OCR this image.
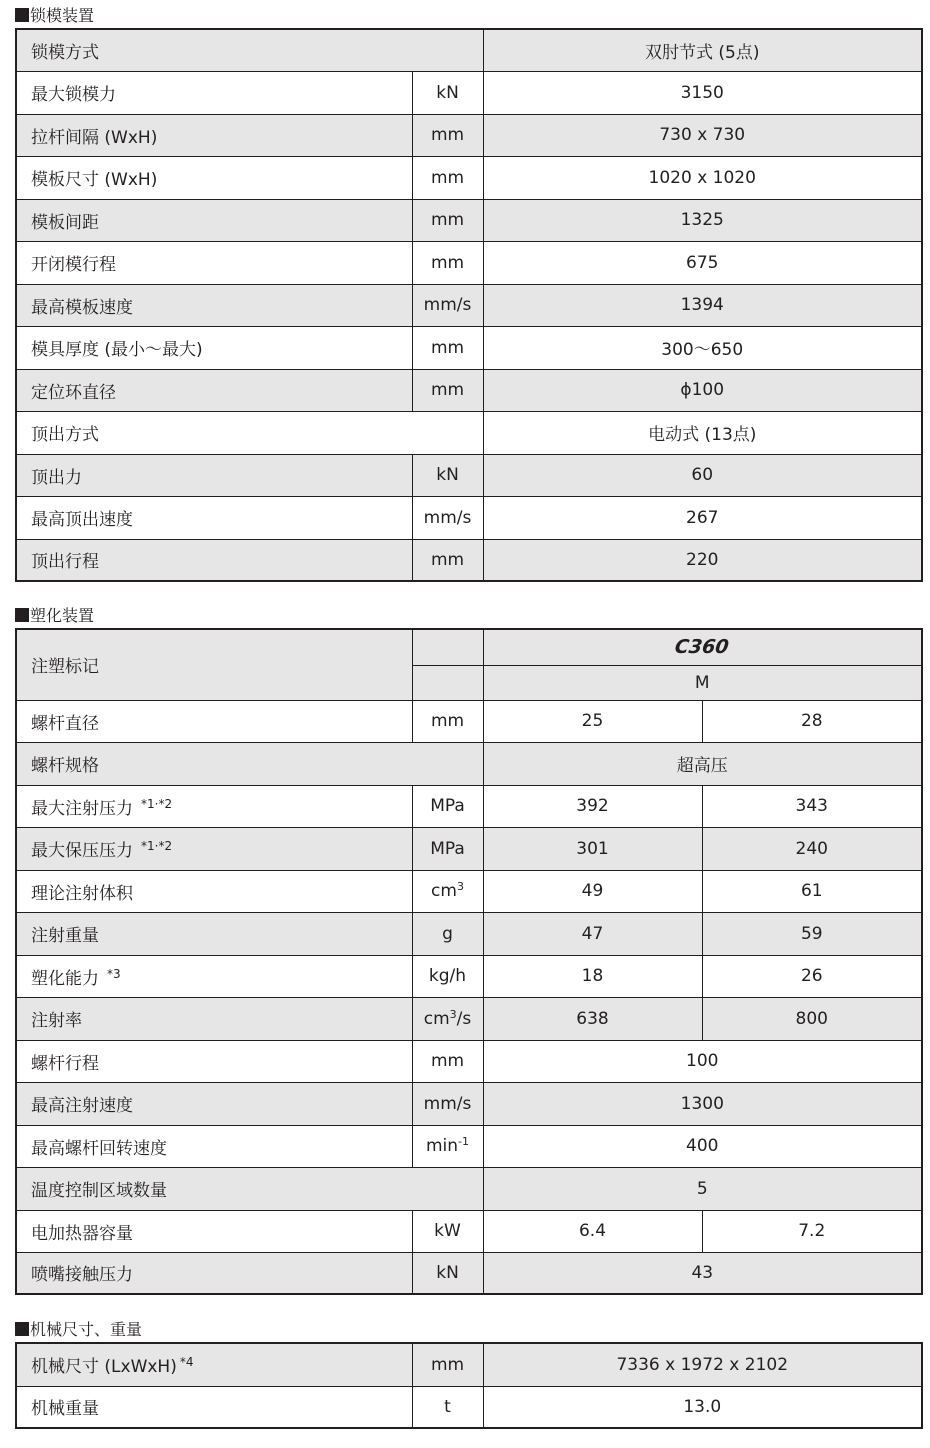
锁模装置
锁模方式		双肘节式 (5点)
最大锁模力	kN	3150
拉杆间隔 (WxH)	mm	730 x 730
模板尺寸 (WxH)	mm	1020 x 1020
模板间距	mm	1325
开闭模行程	mm	675
最高模板速度	mm/s	1394
模具厚度 (最小〜最大)	mm	300〜650
定位环直径	mm	ϕ100
顶出方式		电动式 (13点)
顶出力	kN	60
最高顶出速度	mm/s	267
顶出行程	mm	220
塑化装置
注塑标记		C360	
		M	
螺杆直径	mm	25	28
螺杆规格		超高压	
最大注射压力 $^{*1\cdot*2}$	MPa	392	343
最大保压压力 $^{*1\cdot*2}$	MPa	301	240
理论注射体积	$cm^3$	49	61
注射重量	g	47	59
塑化能力 $^{*3}$	kg/h	18	26
注射率	$cm^3/s$	638	800
螺杆行程	mm	100	
最高注射速度	mm/s	1300	
最高螺杆回转速度	$\min^{-1}$	400	
温度控制区域数量		5	
电加热器容量	kW	6.4	7.2
喷嘴接触压力	kN	43	
机械尺寸、重量
机械尺寸 (LxWxH) $^{*4}$	mm	7336 x 1972 x 2102
机械重量	t	13.0
